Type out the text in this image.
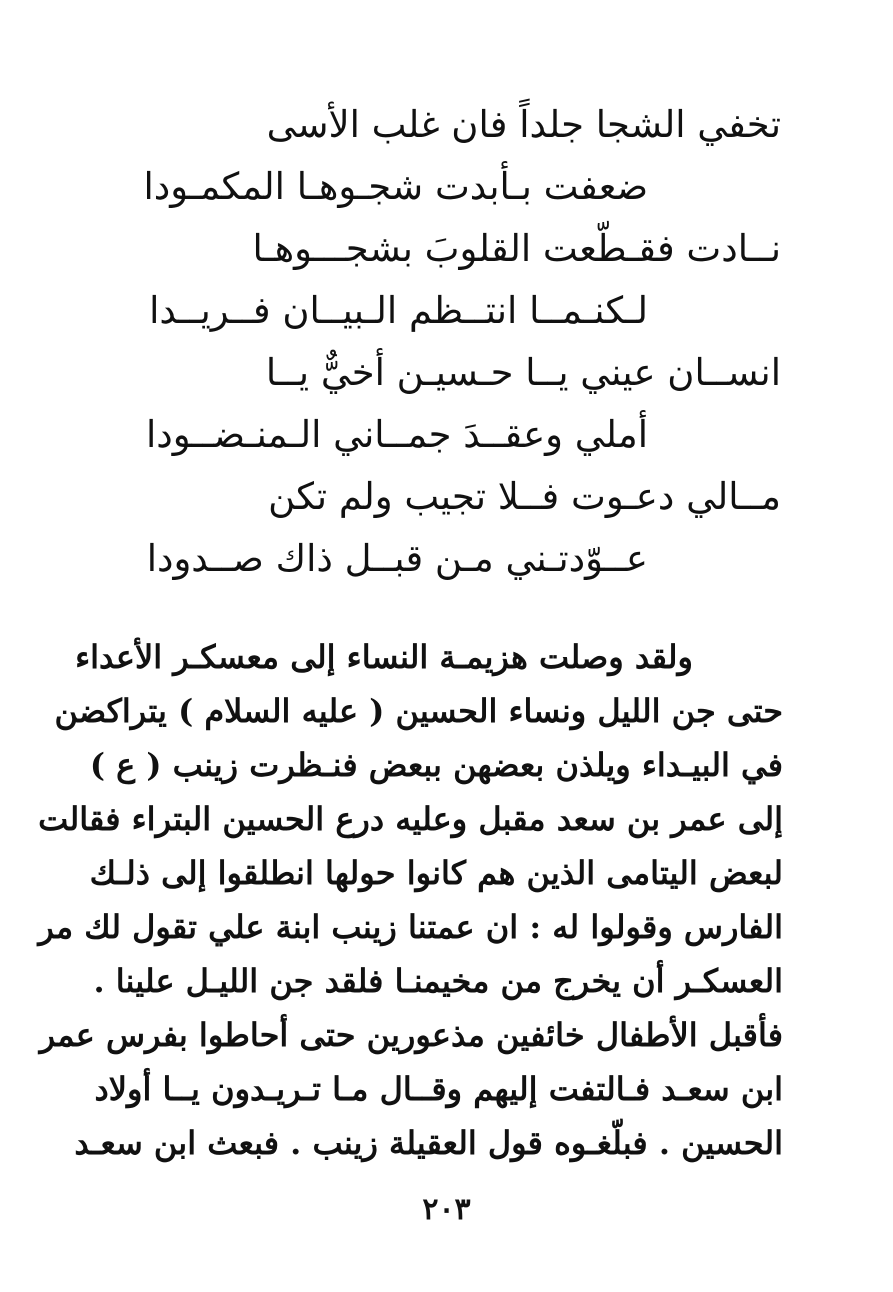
تخفي الشجا جلداً فان غلب الأسى
ضعفت بـأبدت شجـوهـا المكمـودا
نــادت فقـطّعت القلوبَ بشجـــوهـا
لـكنـمــا انتــظم الـبيــان فــريــدا
انســان عيني يــا حـسيـن أخيٌّ يــا
أملي وعقــدَ جمــاني الـمنـضــودا
مــالي دعـوت فــلا تجيب ولم تكن
عــوّدتـني مـن قبــل ذاك صــدودا
ولقد وصلت هزيمـة النساء إلى معسكـر الأعداء
حتى جن الليل ونساء الحسين ( عليه السلام ) يتراكضن
في البيـداء ويلذن بعضهن ببعض فنـظرت زينب ( ع )
إلى عمر بن سعد مقبل وعليه درع الحسين البتراء فقالت
لبعض اليتامى الذين هم كانوا حولها انطلقوا إلى ذلـك
الفارس وقولوا له : ان عمتنا زينب ابنة علي تقول لك مر
العسكـر أن يخرج من مخيمنـا فلقد جن الليـل علينا .
فأقبل الأطفال خائفين مذعورين حتى أحاطوا بفرس عمر
ابن سعـد فـالتفت إليهم وقــال مـا تـريـدون يــا أولاد
الحسين . فبلّغـوه قول العقيلة زينب . فبعث ابن سعـد
٢٠٣
